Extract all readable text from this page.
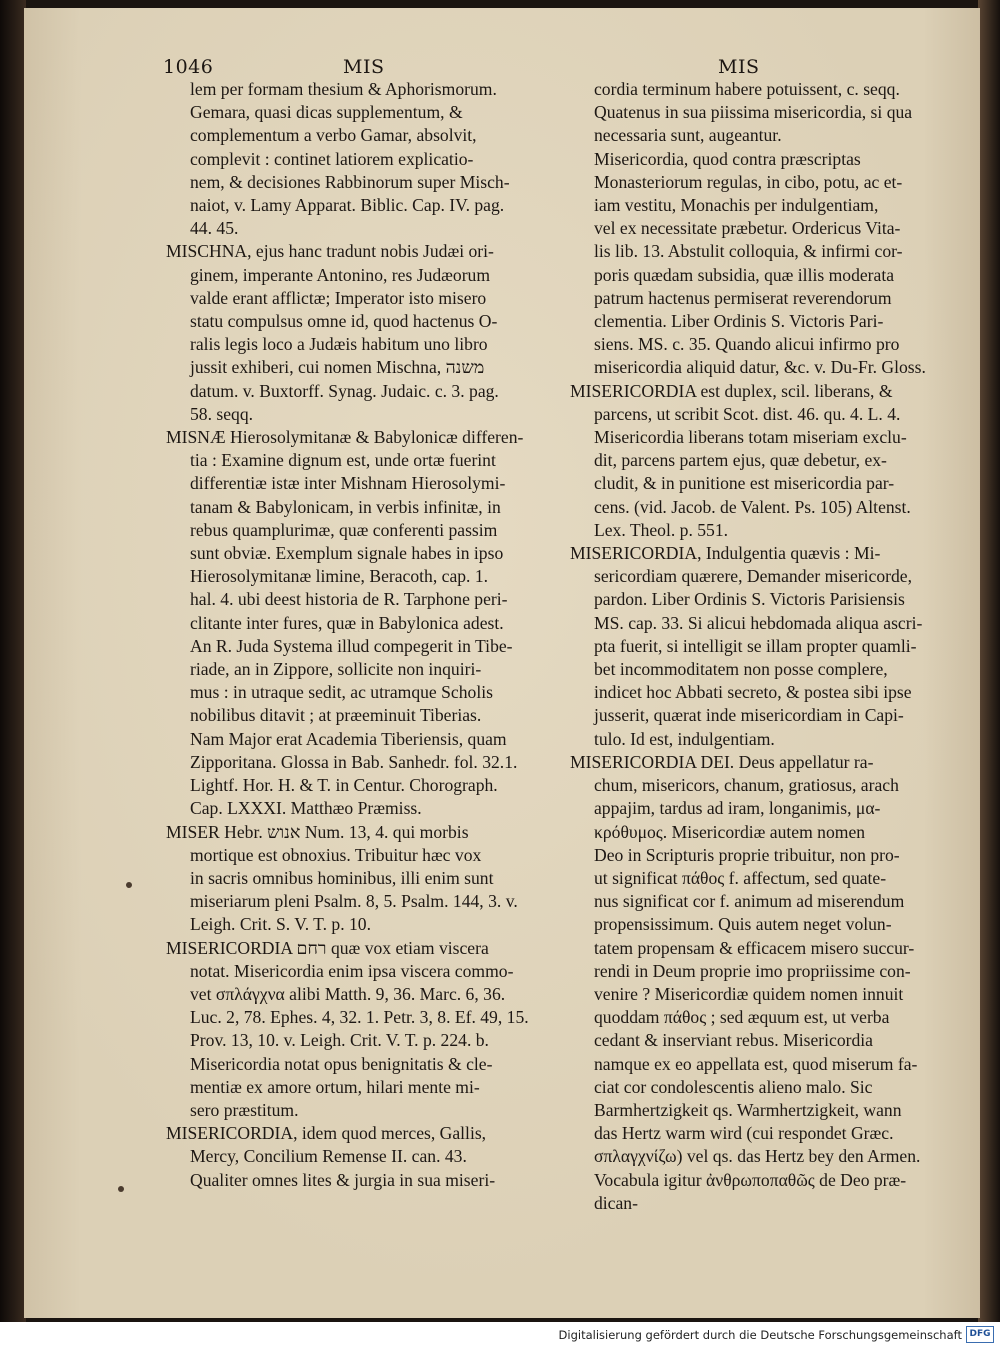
1046	MIS	MIS

lem per formam thesium & Aphorismorum.

Gemara, quasi dicas supplementum, &

complementum a verbo Gamar, absolvit,

complevit : continet latiorem explicatio-

nem, & decisiones Rabbinorum super Misch-

naiot, v. Lamy Apparat. Biblic. Cap. IV. pag.

44. 45.

MISCHNA, ejus hanc tradunt nobis Judæi ori-

ginem, imperante Antonino, res Judæorum

valde erant afflictæ; Imperator isto misero

statu compulsus omne id, quod hactenus O-

ralis legis loco a Judæis habitum uno libro

jussit exhiberi, cui nomen Mischna, משנה

datum. v. Buxtorff. Synag. Judaic. c. 3. pag.

58. seqq.

MISNÆ Hierosolymitanæ & Babylonicæ differen-

tia : Examine dignum est, unde ortæ fuerint

differentiæ istæ inter Mishnam Hierosolymi-

tanam & Babylonicam, in verbis infinitæ, in

rebus quamplurimæ, quæ conferenti passim

sunt obviæ. Exemplum signale habes in ipso

Hierosolymitanæ limine, Beracoth, cap. 1.

hal. 4. ubi deest historia de R. Tarphone peri-

clitante inter fures, quæ in Babylonica adest.

An R. Juda Systema illud compegerit in Tibe-

riade, an in Zippore, sollicite non inquiri-

mus : in utraque sedit, ac utramque Scholis

nobilibus ditavit ; at præeminuit Tiberias.

Nam Major erat Academia Tiberiensis, quam

Zipporitana. Glossa in Bab. Sanhedr. fol. 32.1.

Lightf. Hor. H. & T. in Centur. Chorograph.

Cap. LXXXI. Matthæo Præmiss.

MISER Hebr. אנוש Num. 13, 4. qui morbis

mortique est obnoxius. Tribuitur hæc vox

in sacris omnibus hominibus, illi enim sunt

miseriarum pleni Psalm. 8, 5. Psalm. 144, 3. v.

Leigh. Crit. S. V. T. p. 10.

MISERICORDIA רחם quæ vox etiam viscera

notat. Misericordia enim ipsa viscera commo-

vet σπλάγχνα alibi Matth. 9, 36. Marc. 6, 36.

Luc. 2, 78. Ephes. 4, 32. 1. Petr. 3, 8. Ef. 49, 15.

Prov. 13, 10. v. Leigh. Crit. V. T. p. 224. b.

Misericordia notat opus benignitatis & cle-

mentiæ ex amore ortum, hilari mente mi-

sero præstitum.

MISERICORDIA, idem quod merces, Gallis,

Mercy, Concilium Remense II. can. 43.

Qualiter omnes lites & jurgia in sua miseri-

cordia terminum habere potuissent, c. seqq.

Quatenus in sua piissima misericordia, si qua

necessaria sunt, augeantur.

Misericordia, quod contra præscriptas

Monasteriorum regulas, in cibo, potu, ac et-

iam vestitu, Monachis per indulgentiam,

vel ex necessitate præbetur. Ordericus Vita-

lis lib. 13. Abstulit colloquia, & infirmi cor-

poris quædam subsidia, quæ illis moderata

patrum hactenus permiserat reverendorum

clementia. Liber Ordinis S. Victoris Pari-

siens. MS. c. 35. Quando alicui infirmo pro

misericordia aliquid datur, &c. v. Du-Fr. Gloss.

MISERICORDIA est duplex, scil. liberans, &

parcens, ut scribit Scot. dist. 46. qu. 4. L. 4.

Misericordia liberans totam miseriam exclu-

dit, parcens partem ejus, quæ debetur, ex-

cludit, & in punitione est misericordia par-

cens. (vid. Jacob. de Valent. Ps. 105) Altenst.

Lex. Theol. p. 551.

MISERICORDIA, Indulgentia quævis : Mi-

sericordiam quærere, Demander misericorde,

pardon. Liber Ordinis S. Victoris Parisiensis

MS. cap. 33. Si alicui hebdomada aliqua ascri-

pta fuerit, si intelligit se illam propter quamli-

bet incommoditatem non posse complere,

indicet hoc Abbati secreto, & postea sibi ipse

jusserit, quærat inde misericordiam in Capi-

tulo. Id est, indulgentiam.

MISERICORDIA DEI. Deus appellatur ra-

chum, misericors, chanum, gratiosus, arach

appajim, tardus ad iram, longanimis, μα-

κρόθυμος. Misericordiæ autem nomen

Deo in Scripturis proprie tribuitur, non pro-

ut significat πάθος f. affectum, sed quate-

nus significat cor f. animum ad miserendum

propensissimum. Quis autem neget volun-

tatem propensam & efficacem misero succur-

rendi in Deum proprie imo propriissime con-

venire ? Misericordiæ quidem nomen innuit

quoddam πάθος ; sed æquum est, ut verba

cedant & inserviant rebus. Misericordia

namque ex eo appellata est, quod miserum fa-

ciat cor condolescentis alieno malo. Sic

Barmhertzigkeit qs. Warmhertzigkeit, wann

das Hertz warm wird (cui respondet Græc.

σπλαγχνίζω) vel qs. das Hertz bey den Armen.

Vocabula igitur ἀνθρωποπαθῶς de Deo præ-

dican-

Digitalisierung gefördert durch die Deutsche Forschungsgemeinschaft DFG
